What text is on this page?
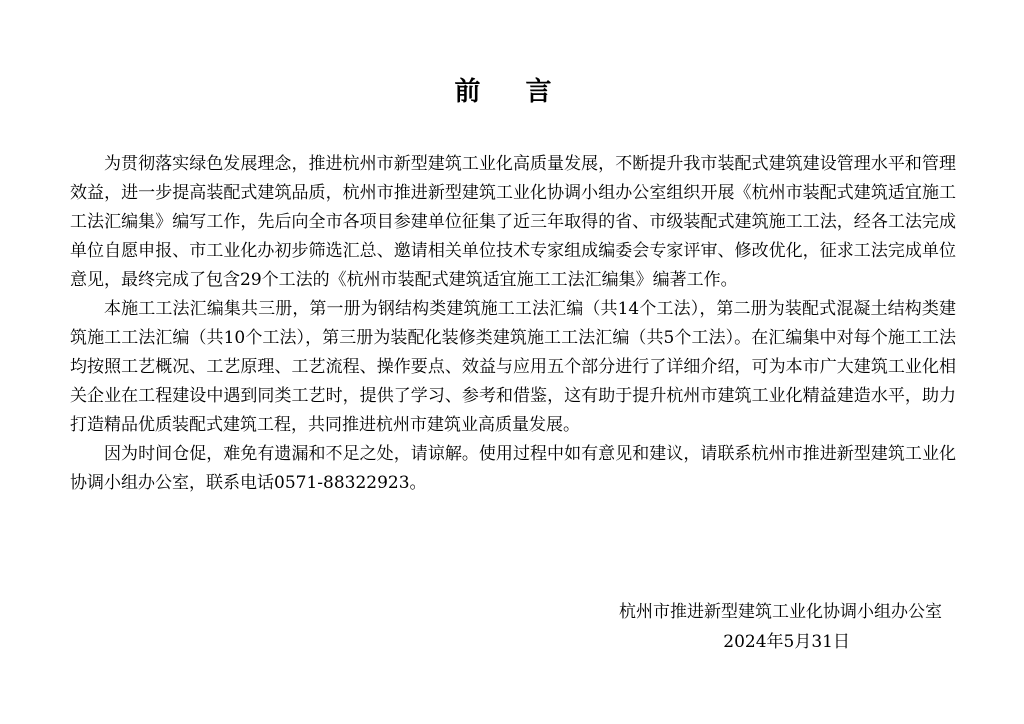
前 言

为贯彻落实绿色发展理念，推进杭州市新型建筑工业化高质量发展，不断提升我市装配式建筑建设管理水平和管理效益，进一步提高装配式建筑品质，杭州市推进新型建筑工业化协调小组办公室组织开展《杭州市装配式建筑适宜施工工法汇编集》编写工作，先后向全市各项目参建单位征集了近三年取得的省、市级装配式建筑施工工法，经各工法完成单位自愿申报、市工业化办初步筛选汇总、邀请相关单位技术专家组成编委会专家评审、修改优化，征求工法完成单位意见，最终完成了包含29个工法的《杭州市装配式建筑适宜施工工法汇编集》编著工作。

本施工工法汇编集共三册，第一册为钢结构类建筑施工工法汇编（共14个工法），第二册为装配式混凝土结构类建筑施工工法汇编（共10个工法），第三册为装配化装修类建筑施工工法汇编（共5个工法）。在汇编集中对每个施工工法均按照工艺概况、工艺原理、工艺流程、操作要点、效益与应用五个部分进行了详细介绍，可为本市广大建筑工业化相关企业在工程建设中遇到同类工艺时，提供了学习、参考和借鉴，这有助于提升杭州市建筑工业化精益建造水平，助力打造精品优质装配式建筑工程，共同推进杭州市建筑业高质量发展。

因为时间仓促，难免有遗漏和不足之处，请谅解。使用过程中如有意见和建议，请联系杭州市推进新型建筑工业化协调小组办公室，联系电话0571-88322923。

杭州市推进新型建筑工业化协调小组办公室
2024年5月31日
